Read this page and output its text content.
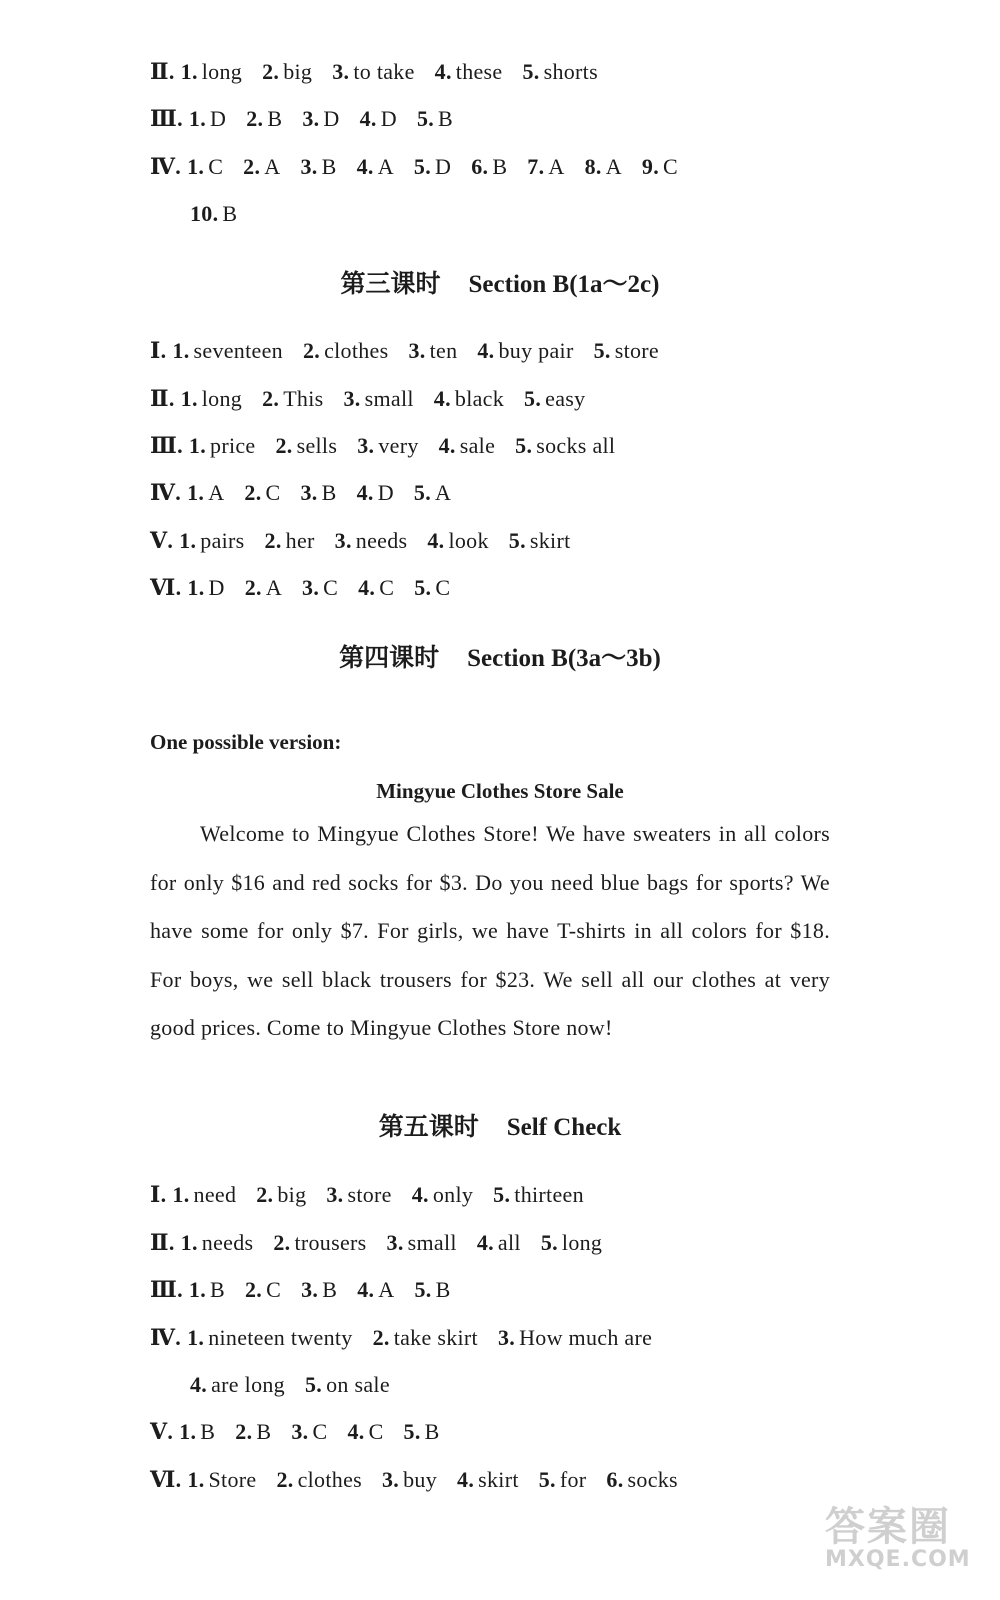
Ⅱ. 1. long 2. big 3. to take 4. these 5. shorts
Ⅲ. 1. D 2. B 3. D 4. D 5. B
Ⅳ. 1. C 2. A 3. B 4. A 5. D 6. B 7. A 8. A 9. C
10. B
第三课时 Section B(1a～2c)
Ⅰ. 1. seventeen 2. clothes 3. ten 4. buy pair 5. store
Ⅱ. 1. long 2. This 3. small 4. black 5. easy
Ⅲ. 1. price 2. sells 3. very 4. sale 5. socks all
Ⅳ. 1. A 2. C 3. B 4. D 5. A
Ⅴ. 1. pairs 2. her 3. needs 4. look 5. skirt
Ⅵ. 1. D 2. A 3. C 4. C 5. C
第四课时 Section B(3a～3b)
One possible version:
Mingyue Clothes Store Sale
Welcome to Mingyue Clothes Store! We have sweaters in all colors for only $16 and red socks for $3. Do you need blue bags for sports? We have some for only $7. For girls, we have T-shirts in all colors for $18. For boys, we sell black trousers for $23. We sell all our clothes at very good prices. Come to Mingyue Clothes Store now!
第五课时 Self Check
Ⅰ. 1. need 2. big 3. store 4. only 5. thirteen
Ⅱ. 1. needs 2. trousers 3. small 4. all 5. long
Ⅲ. 1. B 2. C 3. B 4. A 5. B
Ⅳ. 1. nineteen twenty 2. take skirt 3. How much are
4. are long 5. on sale
Ⅴ. 1. B 2. B 3. C 4. C 5. B
Ⅵ. 1. Store 2. clothes 3. buy 4. skirt 5. for 6. socks
答案圈
MXQE.COM
